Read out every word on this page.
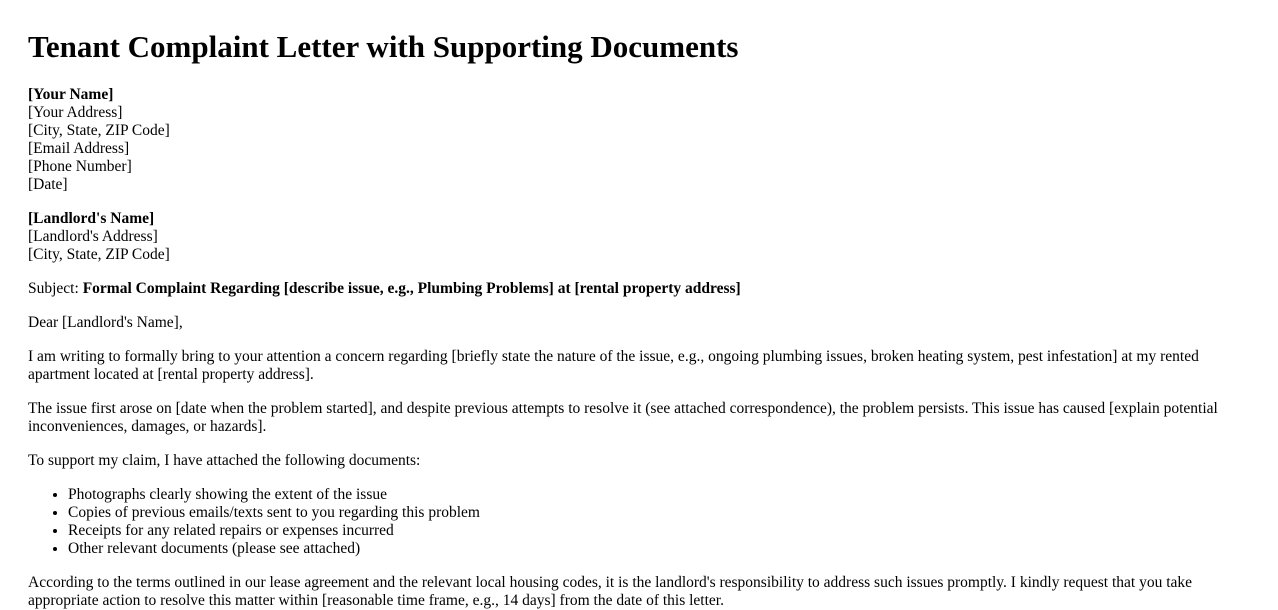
Tenant Complaint Letter with Supporting Documents
[Your Name]
[Your Address]
[City, State, ZIP Code]
[Email Address]
[Phone Number]
[Date]
[Landlord's Name]
[Landlord's Address]
[City, State, ZIP Code]
Subject: Formal Complaint Regarding [describe issue, e.g., Plumbing Problems] at [rental property address]

Dear [Landlord's Name],

I am writing to formally bring to your attention a concern regarding [briefly state the nature of the issue, e.g., ongoing plumbing issues, broken heating system, pest infestation] at my rented apartment located at [rental property address].

The issue first arose on [date when the problem started], and despite previous attempts to resolve it (see attached correspondence), the problem persists. This issue has caused [explain potential inconveniences, damages, or hazards].

To support my claim, I have attached the following documents:

• Photographs clearly showing the extent of the issue
• Copies of previous emails/texts sent to you regarding this problem
• Receipts for any related repairs or expenses incurred
• Other relevant documents (please see attached)

According to the terms outlined in our lease agreement and the relevant local housing codes, it is the landlord's responsibility to address such issues promptly. I kindly request that you take appropriate action to resolve this matter within [reasonable time frame, e.g., 14 days] from the date of this letter.
